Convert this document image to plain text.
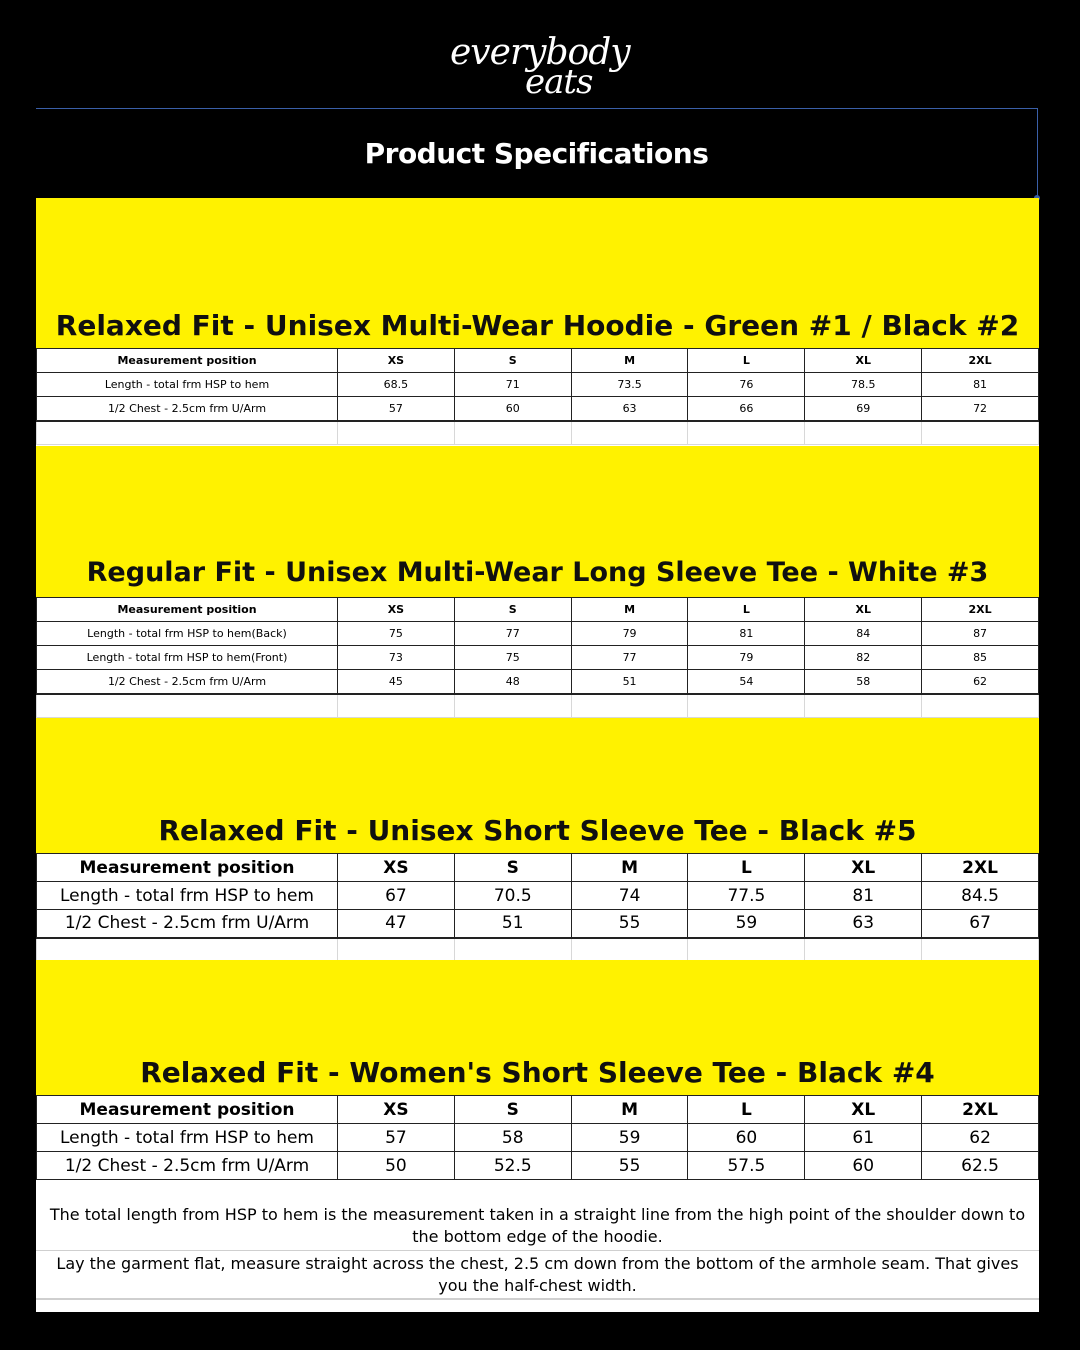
everybody
eats
Product Specifications
Relaxed Fit - Unisex Multi-Wear Hoodie - Green #1 / Black #2
Measurement position	XS	S	M	L	XL	2XL
Length - total frm HSP to hem	68.5	71	73.5	76	78.5	81
1/2 Chest - 2.5cm frm U/Arm	57	60	63	66	69	72

Regular Fit - Unisex Multi-Wear Long Sleeve Tee - White #3
Measurement position	XS	S	M	L	XL	2XL
Length - total frm HSP to hem(Back)	75	77	79	81	84	87
Length - total frm HSP to hem(Front)	73	75	77	79	82	85
1/2 Chest - 2.5cm frm U/Arm	45	48	51	54	58	62

Relaxed Fit - Unisex Short Sleeve Tee - Black #5
Measurement position	XS	S	M	L	XL	2XL
Length - total frm HSP to hem	67	70.5	74	77.5	81	84.5
1/2 Chest - 2.5cm frm U/Arm	47	51	55	59	63	67

Relaxed Fit - Women's Short Sleeve Tee - Black #4
Measurement position	XS	S	M	L	XL	2XL
Length - total frm HSP to hem	57	58	59	60	61	62
1/2 Chest - 2.5cm frm U/Arm	50	52.5	55	57.5	60	62.5
The total length from HSP to hem is the measurement taken in a straight line from the high point of the shoulder down to the bottom edge of the hoodie.
Lay the garment flat, measure straight across the chest, 2.5 cm down from the bottom of the armhole seam. That gives you the half-chest width.
